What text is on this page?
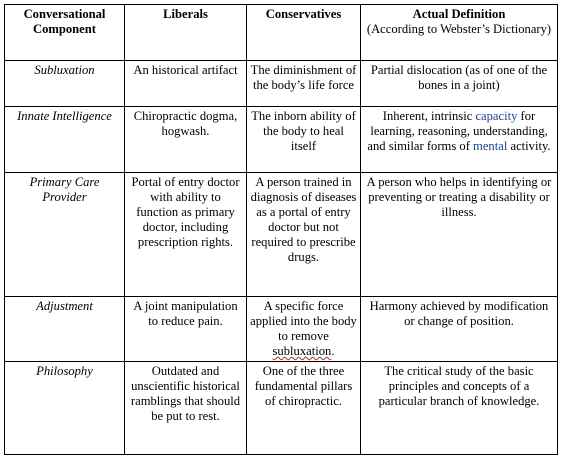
Conversational Component	Liberals	Conservatives	Actual Definition
(According to Webster’s Dictionary)

Subluxation	An historical artifact	The diminishment of the body’s life force	Partial dislocation (as of one of the bones in a joint)
Innate Intelligence	Chiropractic dogma, hogwash.	The inborn ability of the body to heal itself	Inherent, intrinsic capacity for learning, reasoning, understanding, and similar forms of mental activity.
Primary Care Provider	Portal of entry doctor with ability to function as primary doctor, including prescription rights.	A person trained in diagnosis of diseases as a portal of entry doctor but not required to prescribe drugs.	A person who helps in identifying or preventing or treating a disability or illness.
Adjustment	A joint manipulation to reduce pain.	A specific force applied into the body to remove subluxation.	Harmony achieved by modification or change of position.
Philosophy	Outdated and unscientific historical ramblings that should be put to rest.	One of the three fundamental pillars of chiropractic.	The critical study of the basic principles and concepts of a particular branch of knowledge.
